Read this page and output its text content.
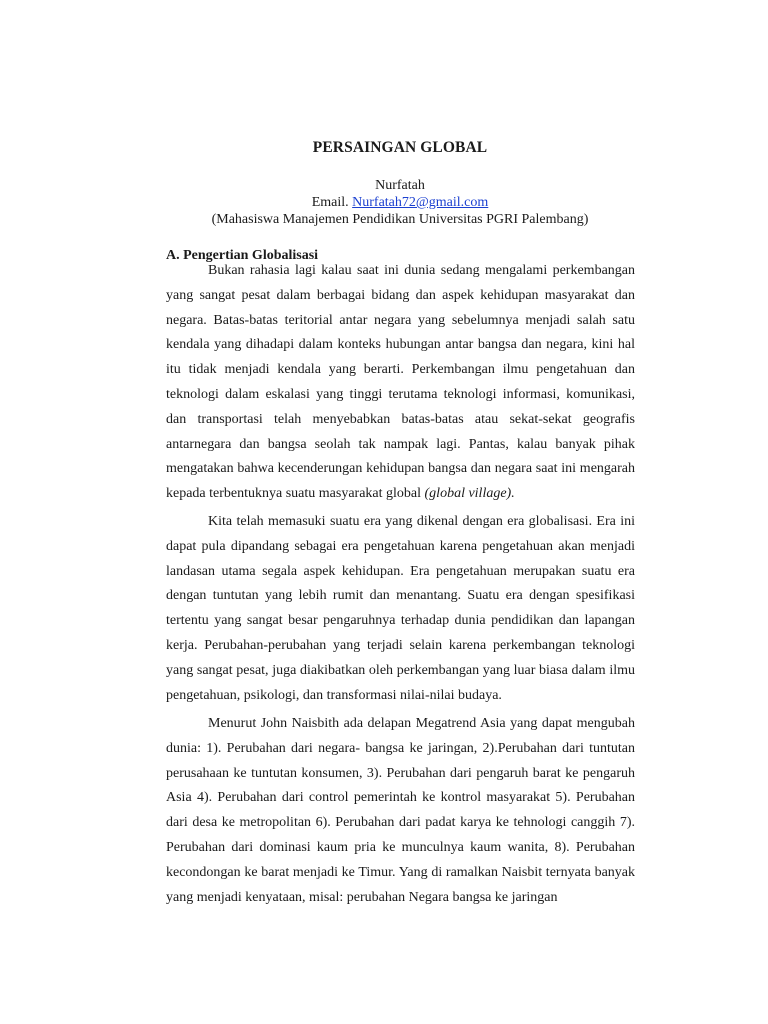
PERSAINGAN GLOBAL
Nurfatah
Email. Nurfatah72@gmail.com
(Mahasiswa Manajemen Pendidikan Universitas PGRI Palembang)
A. Pengertian Globalisasi

Bukan rahasia lagi kalau saat ini dunia sedang mengalami perkembangan yang sangat pesat dalam berbagai bidang dan aspek kehidupan masyarakat dan negara. Batas-batas teritorial antar negara yang sebelumnya menjadi salah satu kendala yang dihadapi dalam konteks hubungan antar bangsa dan negara, kini hal itu tidak menjadi kendala yang berarti. Perkembangan ilmu pengetahuan dan teknologi dalam eskalasi yang tinggi terutama teknologi informasi, komunikasi, dan transportasi telah menyebabkan batas-batas atau sekat-sekat geografis antarnegara dan bangsa seolah tak nampak lagi. Pantas, kalau banyak pihak mengatakan bahwa kecenderungan kehidupan bangsa dan negara saat ini mengarah kepada terbentuknya suatu masyarakat global (global village).

Kita telah memasuki suatu era yang dikenal dengan era globalisasi. Era ini dapat pula dipandang sebagai era pengetahuan karena pengetahuan akan menjadi landasan utama segala aspek kehidupan. Era pengetahuan merupakan suatu era dengan tuntutan yang lebih rumit dan menantang. Suatu era dengan spesifikasi tertentu yang sangat besar pengaruhnya terhadap dunia pendidikan dan lapangan kerja. Perubahan-perubahan yang terjadi selain karena perkembangan teknologi yang sangat pesat, juga diakibatkan oleh perkembangan yang luar biasa dalam ilmu pengetahuan, psikologi, dan transformasi nilai-nilai budaya.

Menurut John Naisbith ada delapan Megatrend Asia yang dapat mengubah dunia: 1). Perubahan dari negara- bangsa ke jaringan, 2).Perubahan dari tuntutan perusahaan ke tuntutan konsumen, 3). Perubahan dari pengaruh barat ke pengaruh Asia 4). Perubahan dari control pemerintah ke kontrol masyarakat 5). Perubahan dari desa ke metropolitan 6). Perubahan dari padat karya ke tehnologi canggih 7). Perubahan dari dominasi kaum pria ke munculnya kaum wanita, 8). Perubahan kecondongan ke barat menjadi ke Timur. Yang di ramalkan Naisbit ternyata banyak yang menjadi kenyataan, misal: perubahan Negara bangsa ke jaringan
